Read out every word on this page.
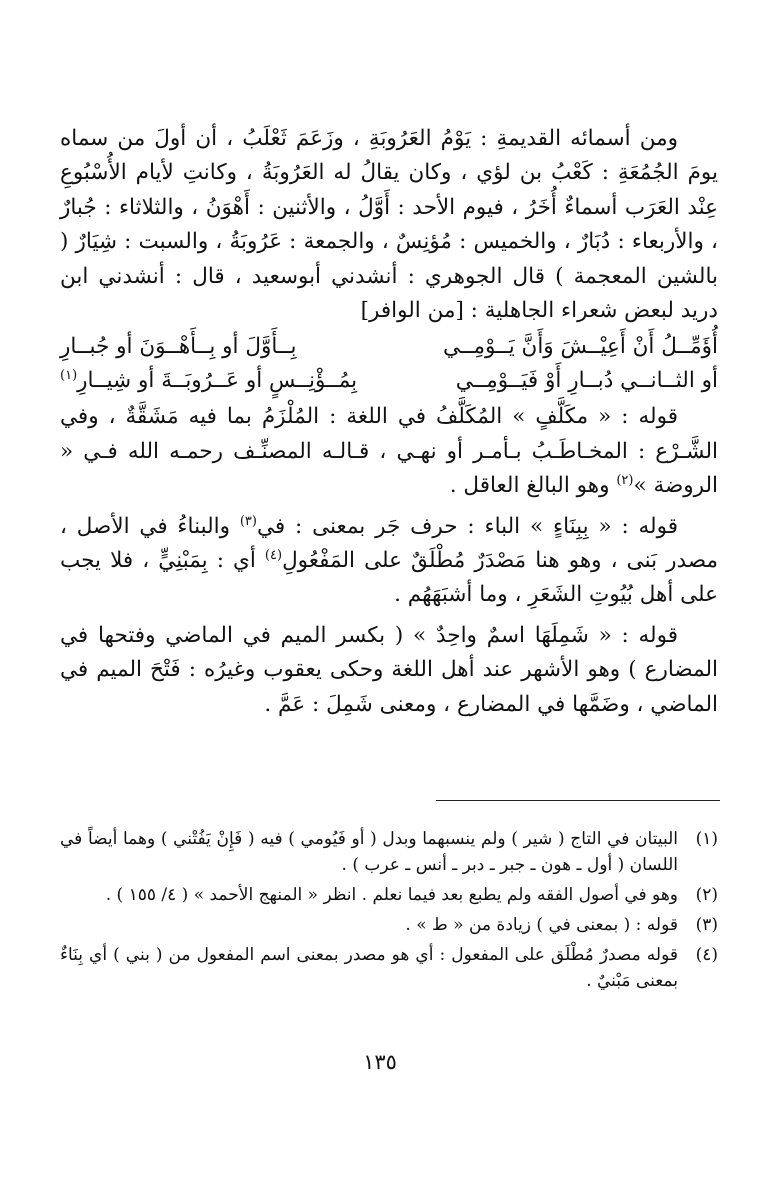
ومن أسمائه القديمةِ : يَوْمُ العَرُوبَةِ ، وزَعَمَ ثَعْلَبُ ، أن أولَ من سماه يومَ الجُمُعَةِ : كَعْبُ بن لؤي ، وكان يقالُ له العَرُوبَةُ ، وكانتِ لأيام الأُسْبُوعِ عِنْد العَرَب أسماءٌ أُخَرُ ، فيوم الأحد : أَوَّلُ ، والأثنين : أَهْوَنُ ، والثلاثاء : جُبارٌ ، والأربعاء : دُبَارٌ ، والخميس : مُؤنِسٌ ، والجمعة : عَرُوبَةُ ، والسبت : شِيَارٌ ( بالشين المعجمة ) قال الجوهري : أنشدني أبوسعيد ، قال : أنشدني ابن دريد لبعض شعراء الجاهلية : [من الوافر]

أُؤَمِّــلُ أَنْ أَعِيْــشَ وَأَنَّ يَــوْمِــي
بِــأَوَّلَ أو بِــأَهْــوَنَ أو جُبــارِ
أو الثــانــي دُبــارِ أَوْ فَيَــوْمِــي
بِمُــؤْنِــسٍ أو عَــرُوبَــةَ أو شِيــارِ$^{(١)}$

قوله : « مكَلَّفٍ » المُكَلَّفُ في اللغة : المُلْزَمُ بما فيه مَشَقَّةٌ ، وفي الشَّـرْع : المخـاطَـبُ بـأمـر أو نهـي ، قـالـه المصنِّـف رحمـه الله فـي « الروضة »$^{(٢)}$ وهو البالغ العاقل .

قوله : « بِبِنَاءٍ » الباء : حرف جَر بمعنى : في$^{(٣)}$ والبناءُ في الأصل ، مصدر بَنى ، وهو هنا مَصْدَرٌ مُطْلَقٌ على المَفْعُولِ$^{(٤)}$ أي : بِمَبْنِيٍّ ، فلا يجب على أهل بُيُوتِ الشَعَرِ ، وما أشبَهَهُم .

قوله : « شَمِلَهَا اسمٌ واحِدٌ » ( بكسر الميم في الماضي وفتحها في المضارع ) وهو الأشهر عند أهل اللغة وحكى يعقوب وغيرُه : فَتْحَ الميم في الماضي ، وضَمَّها في المضارع ، ومعنى شَمِلَ : عَمَّ .

(١)
البيتان في التاج ( شير ) ولم ينسبهما وبدل ( أو فَيُومي ) فيه ( فَإِنْ يَفُتْني ) وهما أيضاً في اللسان ( أول ـ هون ـ جبر ـ دبر ـ أنس ـ عرب ) .
(٢)
وهو في أصول الفقه ولم يطبع بعد فيما نعلم . انظر « المنهج الأحمد » ( ٤/ ١٥٥ ) .
(٣)
قوله : ( بمعنى في ) زيادة من « ط » .
(٤)
قوله مصدرٌ مُطْلَق على المفعول : أي هو مصدر بمعنى اسم المفعول من ( بني ) أي بِنَاءٌ بمعنى مَبْنيٌ .
١٣٥
